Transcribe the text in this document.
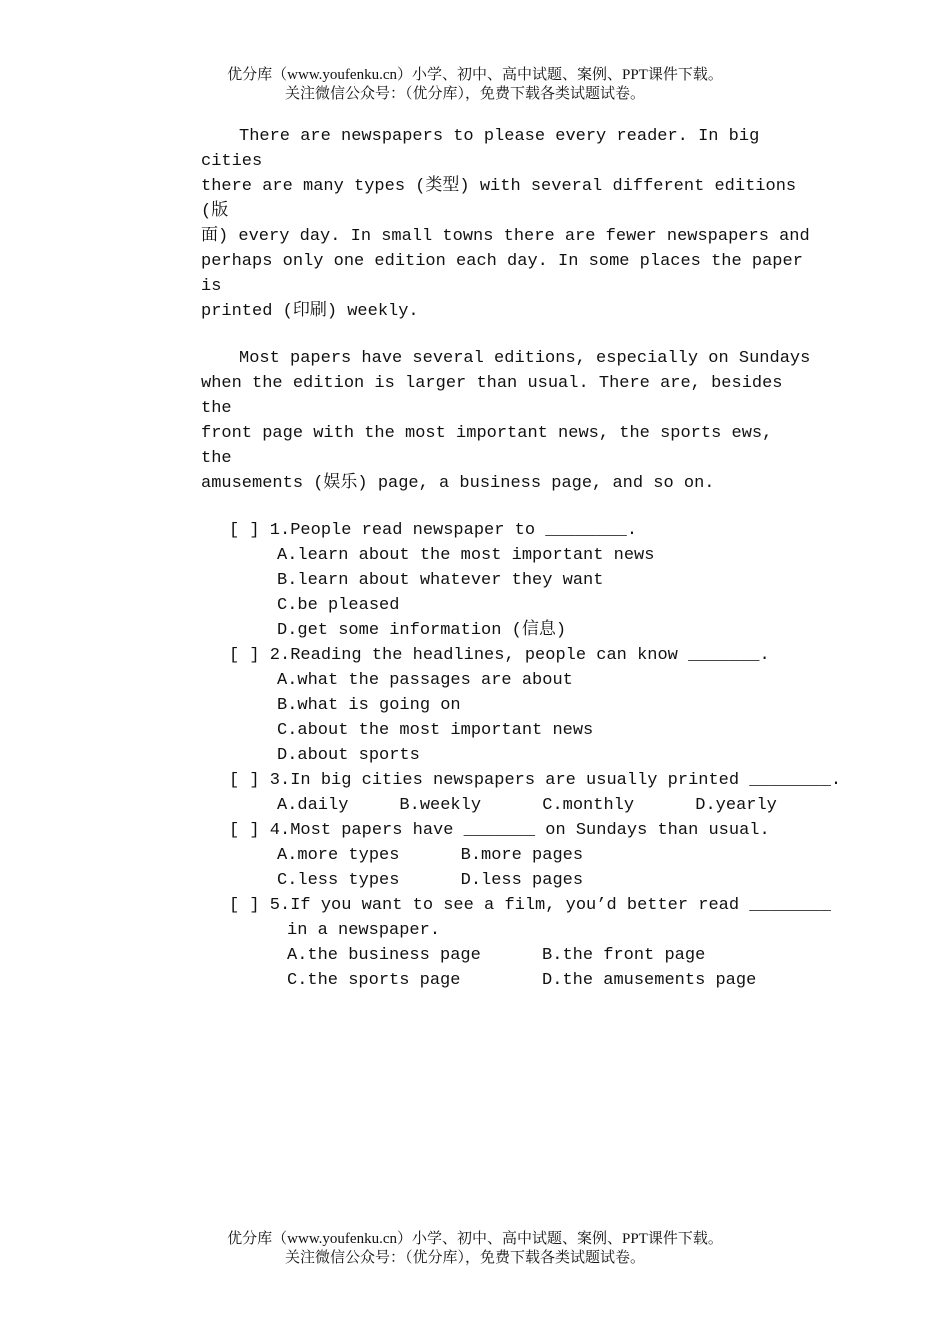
优分库（www.youfenku.cn）小学、初中、高中试题、案例、PPT课件下载。
关注微信公众号：（优分库），免费下载各类试题试卷。
There are newspapers to please every reader. In big cities
there are many types (类型) with several different editions (版
面) every day. In small towns there are fewer newspapers and
perhaps only one edition each day. In some places the paper is
printed (印刷) weekly.
Most papers have several editions, especially on Sundays
when the edition is larger than usual. There are, besides the
front page with the most important news, the sports ews, the
amusements (娱乐) page, a business page, and so on.
[ ] 1.People read newspaper to ________.
A.learn about the most important news
B.learn about whatever they want
C.be pleased
D.get some information (信息)
[ ] 2.Reading the headlines, people can know _______.
A.what the passages are about
B.what is going on
C.about the most important news
D.about sports
[ ] 3.In big cities newspapers are usually printed ________.
A.daily     B.weekly      C.monthly      D.yearly
[ ] 4.Most papers have _______ on Sundays than usual.
A.more types      B.more pages
C.less types      D.less pages
[ ] 5.If you want to see a film, you’d better read ________
in a newspaper.
A.the business page      B.the front page
C.the sports page        D.the amusements page
优分库（www.youfenku.cn）小学、初中、高中试题、案例、PPT课件下载。
关注微信公众号：（优分库），免费下载各类试题试卷。
